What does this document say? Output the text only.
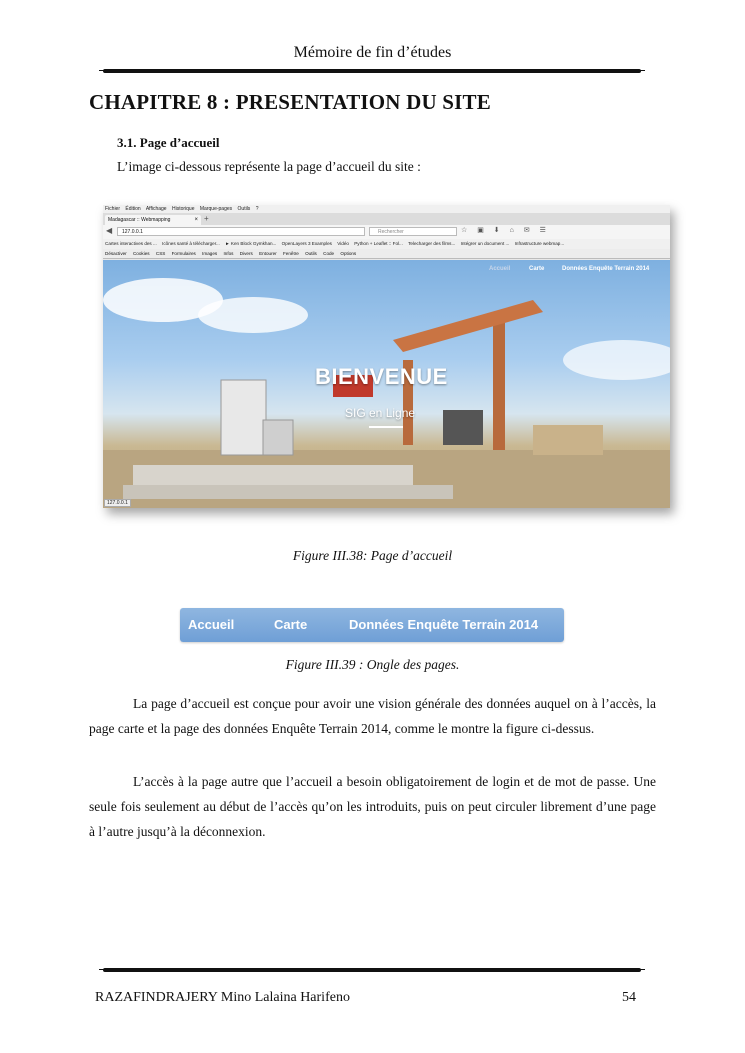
Mémoire de fin d’études
CHAPITRE 8 : PRESENTATION DU SITE
3.1. Page d’accueil
L’image ci-dessous représente la page d’accueil du site :
Fichier Édition Affichage Historique Marque-pages Outils ?
Madagascar :: Webmapping	× +
◀	127.0.0.1	Rechercher	☆ ▣ ⬇ ⌂ ✉ ☰
Cartes interactives des ... Icônes santé à télécharger... ► Ken Block Gymkhan... OpenLayers 3 Examples Vidéo Python + Leaflet :: Fol... Telecharger des films... Intégrer un document ... Infrastructure webmap...
Désactiver Cookies CSS Formulaires Images Infos Divers Entourer Fenêtre Outils Code Options
Accueil	Carte	Données Enquête Terrain 2014
BIENVENUE
SIG en Ligne
127.0.0.1
Figure III.38: Page d’accueil
Accueil	Carte	Données Enquête Terrain 2014
Figure III.39 : Ongle des pages.
La page d’accueil est conçue pour avoir une vision générale des données auquel on à l’accès, la page carte et la page des données Enquête Terrain 2014, comme le montre la figure ci-dessus.
L’accès à la page autre que l’accueil a besoin obligatoirement de login et de mot de passe. Une seule fois seulement au début de l’accès qu’on les introduits, puis on peut circuler librement d’une page à l’autre jusqu’à la déconnexion.
RAZAFINDRAJERY Mino Lalaina Harifeno	54
